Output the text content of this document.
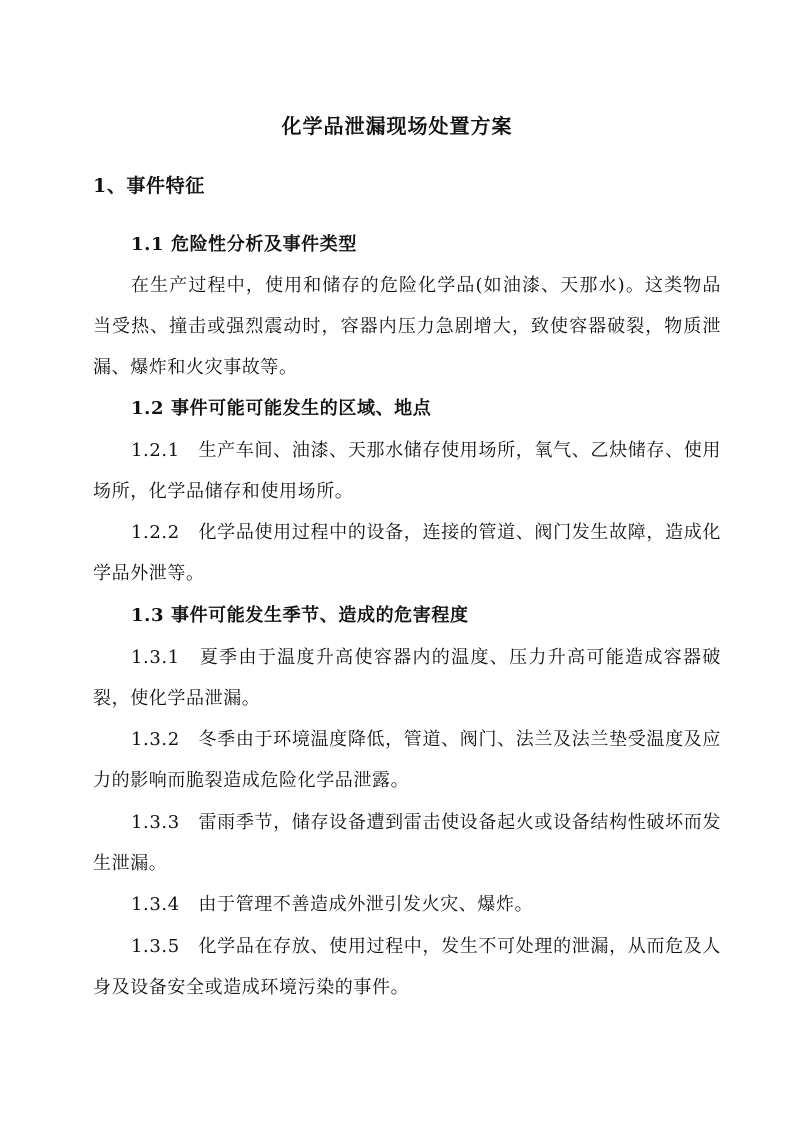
化学品泄漏现场处置方案
1、事件特征
1.1 危险性分析及事件类型
在生产过程中，使用和储存的危险化学品(如油漆、天那水)。这类物品当受热、撞击或强烈震动时，容器内压力急剧增大，致使容器破裂，物质泄漏、爆炸和火灾事故等。
1.2 事件可能可能发生的区域、地点
1.2.1　生产车间、油漆、天那水储存使用场所，氧气、乙炔储存、使用场所，化学品储存和使用场所。
1.2.2　化学品使用过程中的设备，连接的管道、阀门发生故障，造成化学品外泄等。
1.3 事件可能发生季节、造成的危害程度
1.3.1　夏季由于温度升高使容器内的温度、压力升高可能造成容器破裂，使化学品泄漏。
1.3.2　冬季由于环境温度降低，管道、阀门、法兰及法兰垫受温度及应力的影响而脆裂造成危险化学品泄露。
1.3.3　雷雨季节，储存设备遭到雷击使设备起火或设备结构性破坏而发生泄漏。
1.3.4　由于管理不善造成外泄引发火灾、爆炸。
1.3.5　化学品在存放、使用过程中，发生不可处理的泄漏，从而危及人身及设备安全或造成环境污染的事件。
